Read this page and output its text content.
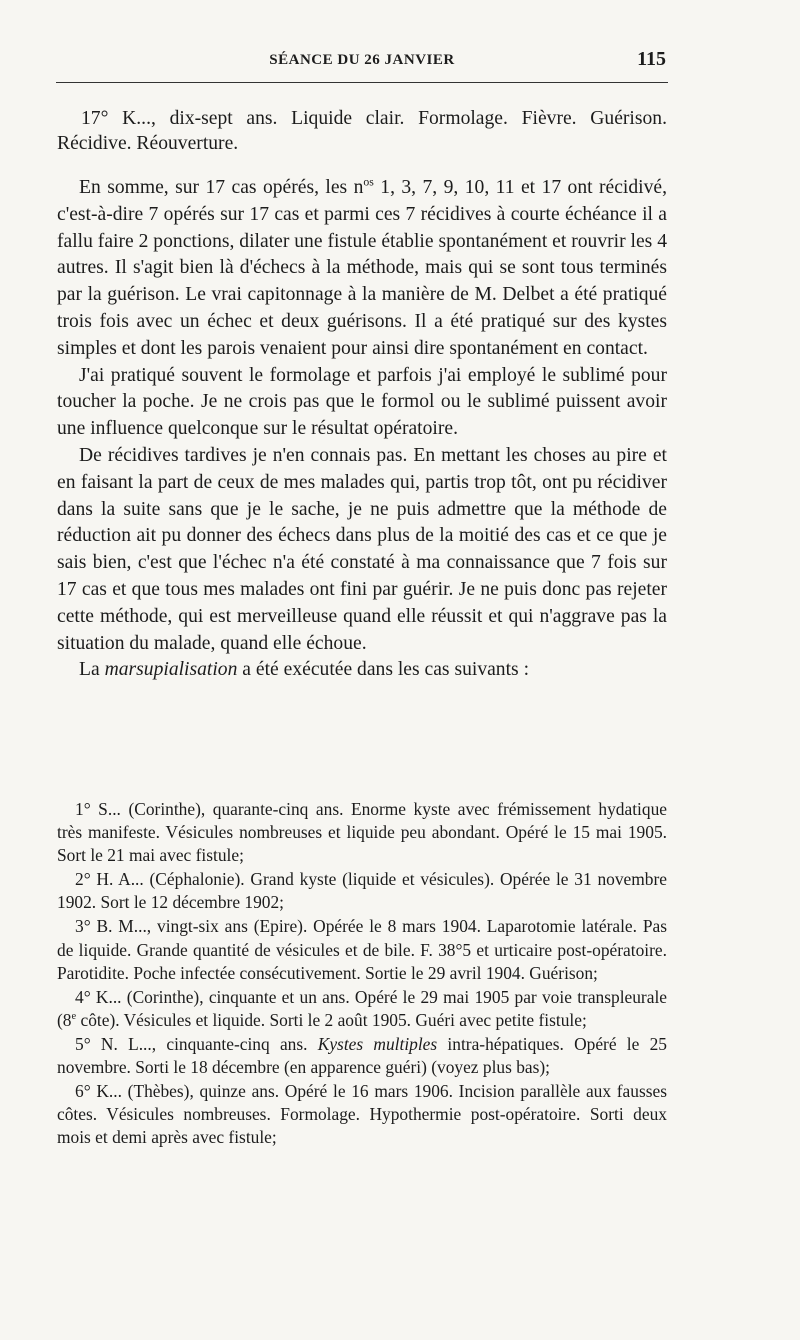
SÉANCE DU 26 JANVIER	115

17° K..., dix-sept ans. Liquide clair. Formolage. Fièvre. Guérison. Récidive. Réouverture.

En somme, sur 17 cas opérés, les $n^{os}$ 1, 3, 7, 9, 10, 11 et 17 ont récidivé, c'est-à-dire 7 opérés sur 17 cas et parmi ces 7 récidives à courte échéance il a fallu faire 2 ponctions, dilater une fistule établie spontanément et rouvrir les 4 autres. Il s'agit bien là d'échecs à la méthode, mais qui se sont tous terminés par la guérison. Le vrai capitonnage à la manière de M. Delbet a été pratiqué trois fois avec un échec et deux guérisons. Il a été pratiqué sur des kystes simples et dont les parois venaient pour ainsi dire spontanément en contact.

J'ai pratiqué souvent le formolage et parfois j'ai employé le sublimé pour toucher la poche. Je ne crois pas que le formol ou le sublimé puissent avoir une influence quelconque sur le résultat opératoire.

De récidives tardives je n'en connais pas. En mettant les choses au pire et en faisant la part de ceux de mes malades qui, partis trop tôt, ont pu récidiver dans la suite sans que je le sache, je ne puis admettre que la méthode de réduction ait pu donner des échecs dans plus de la moitié des cas et ce que je sais bien, c'est que l'échec n'a été constaté à ma connaissance que 7 fois sur 17 cas et que tous mes malades ont fini par guérir. Je ne puis donc pas rejeter cette méthode, qui est merveilleuse quand elle réussit et qui n'aggrave pas la situation du malade, quand elle échoue.

La marsupialisation a été exécutée dans les cas suivants :

1° S... (Corinthe), quarante-cinq ans. Enorme kyste avec frémissement hydatique très manifeste. Vésicules nombreuses et liquide peu abondant. Opéré le 15 mai 1905. Sort le 21 mai avec fistule;

2° H. A... (Céphalonie). Grand kyste (liquide et vésicules). Opérée le 31 novembre 1902. Sort le 12 décembre 1902;

3° B. M..., vingt-six ans (Epire). Opérée le 8 mars 1904. Laparotomie latérale. Pas de liquide. Grande quantité de vésicules et de bile. F. 38°5 et urticaire post-opératoire. Parotidite. Poche infectée consécutivement. Sortie le 29 avril 1904. Guérison;

4° K... (Corinthe), cinquante et un ans. Opéré le 29 mai 1905 par voie transpleurale (8e côte). Vésicules et liquide. Sorti le 2 août 1905. Guéri avec petite fistule;

5° N. L..., cinquante-cinq ans. Kystes multiples intra-hépatiques. Opéré le 25 novembre. Sorti le 18 décembre (en apparence guéri) (voyez plus bas);

6° K... (Thèbes), quinze ans. Opéré le 16 mars 1906. Incision parallèle aux fausses côtes. Vésicules nombreuses. Formolage. Hypothermie post-opératoire. Sorti deux mois et demi après avec fistule;
